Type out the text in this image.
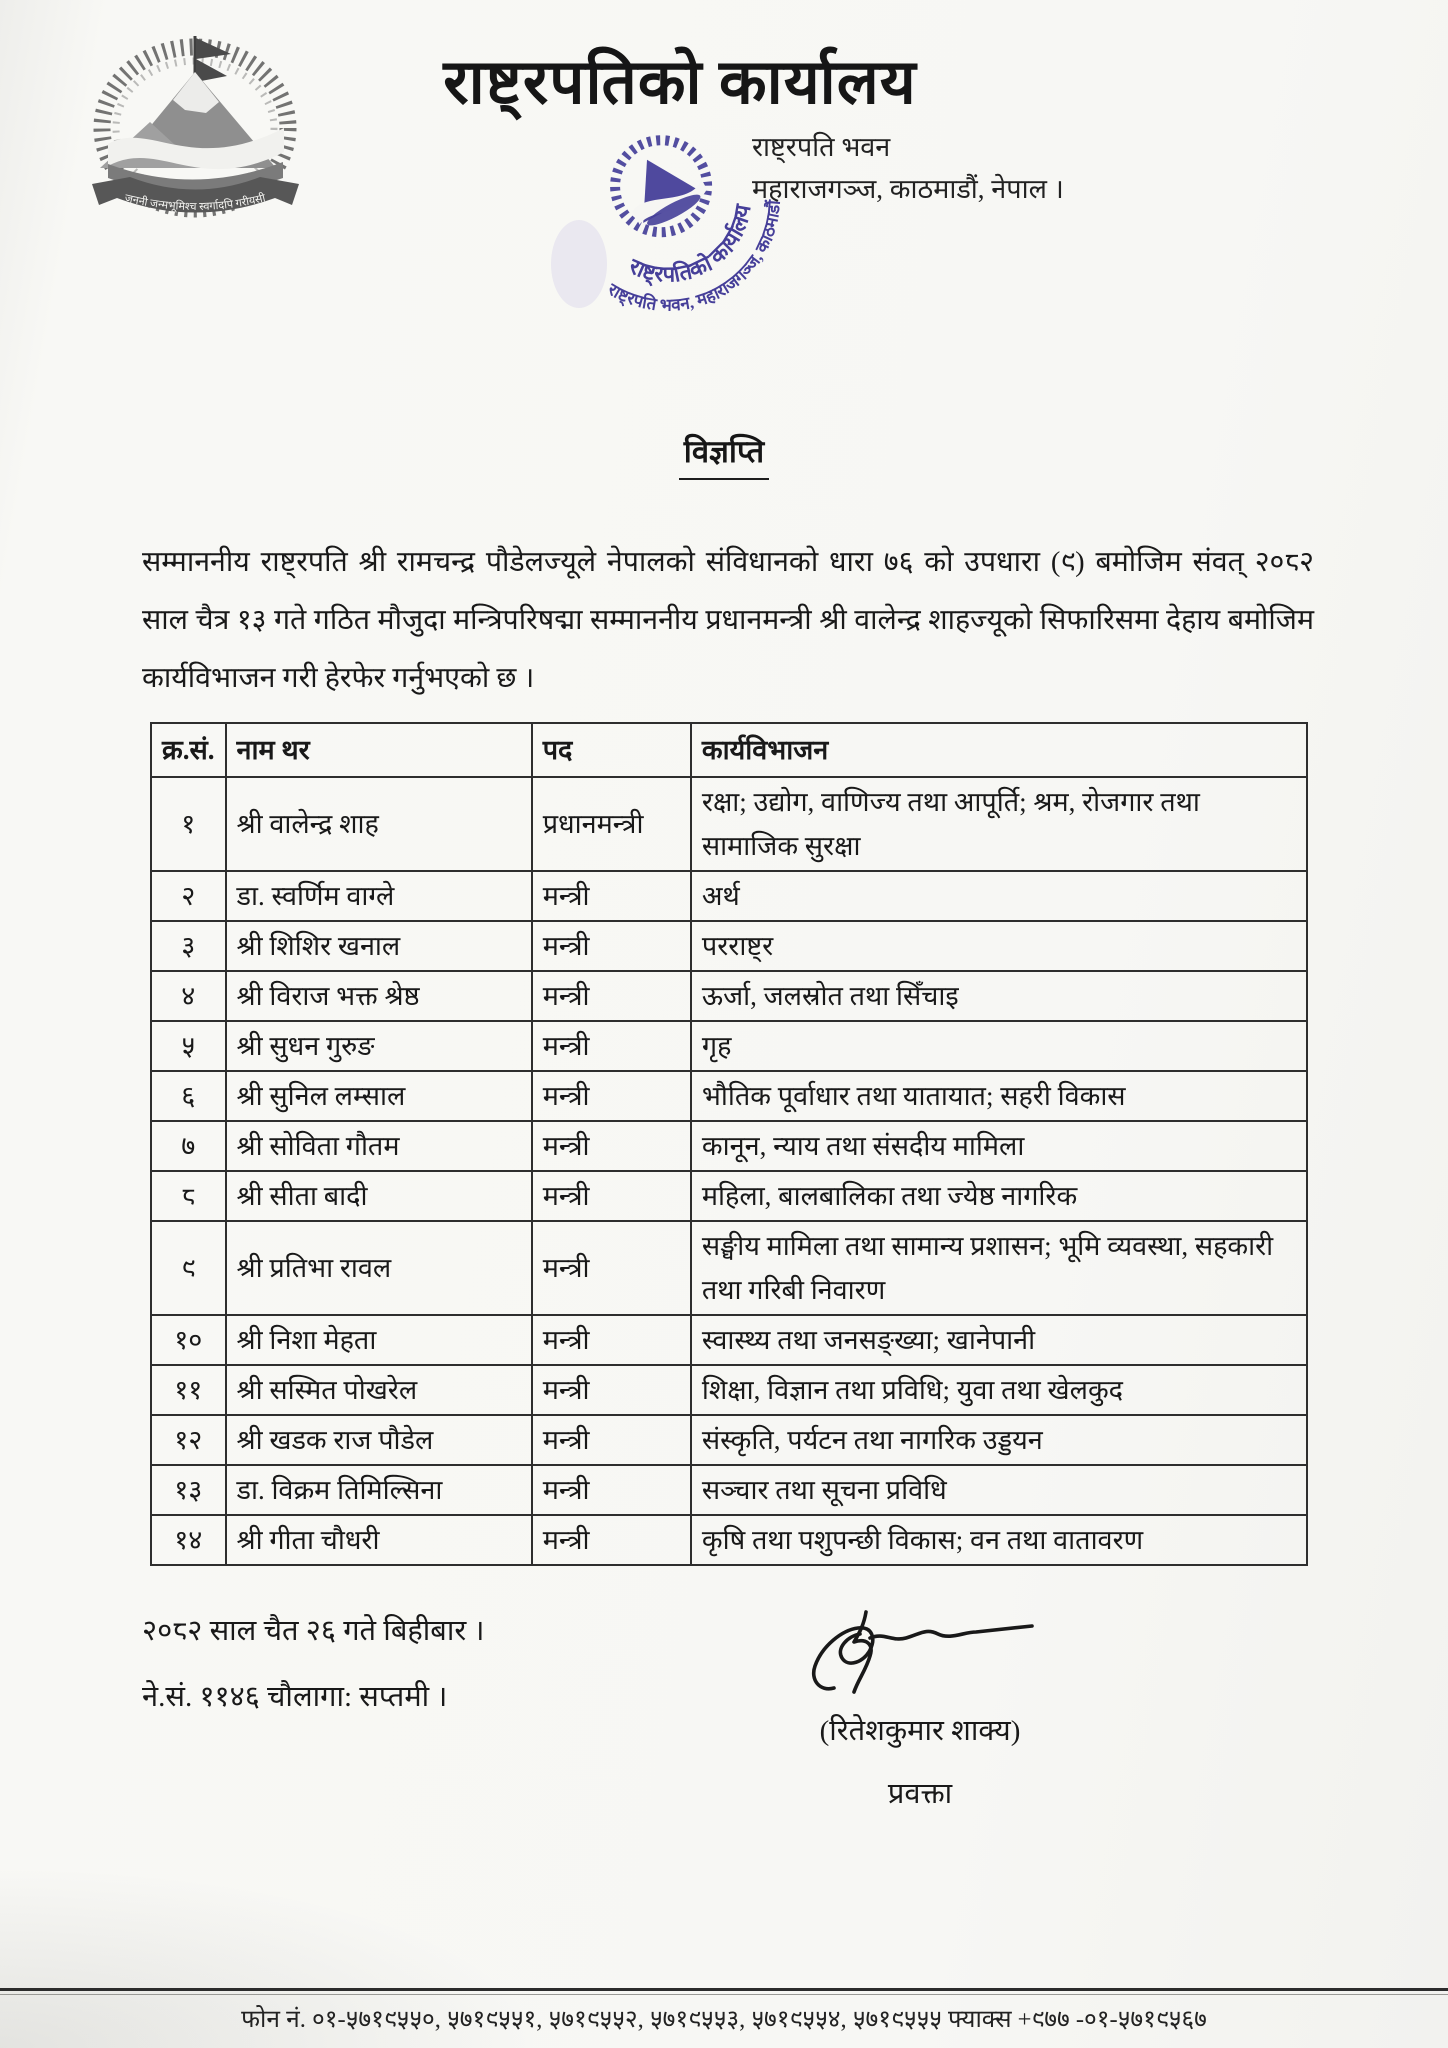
जननी जन्मभूमिश्च स्वर्गादपि गरीयसी
राष्ट्रपतिको कार्यालय
राष्ट्रपतिको कार्यालय
राष्ट्रपति भवन, महाराजगञ्ज, काठमाडौं
राष्ट्रपति भवन
महाराजगञ्ज, काठमाडौं, नेपाल ।
विज्ञप्ति
सम्माननीय राष्ट्रपति श्री रामचन्द्र पौडेलज्यूले नेपालको संविधानको धारा ७६ को उपधारा (९) बमोजिम संवत् २०८२ साल चैत्र १३ गते गठित मौजुदा मन्त्रिपरिषद्मा सम्माननीय प्रधानमन्त्री श्री वालेन्द्र शाहज्यूको सिफारिसमा देहाय बमोजिम कार्यविभाजन गरी हेरफेर गर्नुभएको छ ।
क्र.सं.	नाम थर	पद	कार्यविभाजन
१	श्री वालेन्द्र शाह	प्रधानमन्त्री	रक्षा; उद्योग, वाणिज्य तथा आपूर्ति; श्रम, रोजगार तथा सामाजिक सुरक्षा
२	डा. स्वर्णिम वाग्ले	मन्त्री	अर्थ
३	श्री शिशिर खनाल	मन्त्री	परराष्ट्र
४	श्री विराज भक्त श्रेष्ठ	मन्त्री	ऊर्जा, जलस्रोत तथा सिँचाइ
५	श्री सुधन गुरुङ	मन्त्री	गृह
६	श्री सुनिल लम्साल	मन्त्री	भौतिक पूर्वाधार तथा यातायात; सहरी विकास
७	श्री सोविता गौतम	मन्त्री	कानून, न्याय तथा संसदीय मामिला
८	श्री सीता बादी	मन्त्री	महिला, बालबालिका तथा ज्येष्ठ नागरिक
९	श्री प्रतिभा रावल	मन्त्री	सङ्घीय मामिला तथा सामान्य प्रशासन; भूमि व्यवस्था, सहकारी तथा गरिबी निवारण
१०	श्री निशा मेहता	मन्त्री	स्वास्थ्य तथा जनसङ्ख्या; खानेपानी
११	श्री सस्मित पोखरेल	मन्त्री	शिक्षा, विज्ञान तथा प्रविधि; युवा तथा खेलकुद
१२	श्री खडक राज पौडेल	मन्त्री	संस्कृति, पर्यटन तथा नागरिक उड्डयन
१३	डा. विक्रम तिमिल्सिना	मन्त्री	सञ्चार तथा सूचना प्रविधि
१४	श्री गीता चौधरी	मन्त्री	कृषि तथा पशुपन्छी विकास; वन तथा वातावरण
२०८२ साल चैत २६ गते बिहीबार ।
ने.सं. ११४६ चौलागा: सप्तमी ।
(रितेशकुमार शाक्य)
प्रवक्ता
फोन नं. ०१-५७१९५५०, ५७१९५५१, ५७१९५५२, ५७१९५५३, ५७१९५५४, ५७१९५५५ फ्याक्स +९७७ -०१-५७१९५६७
